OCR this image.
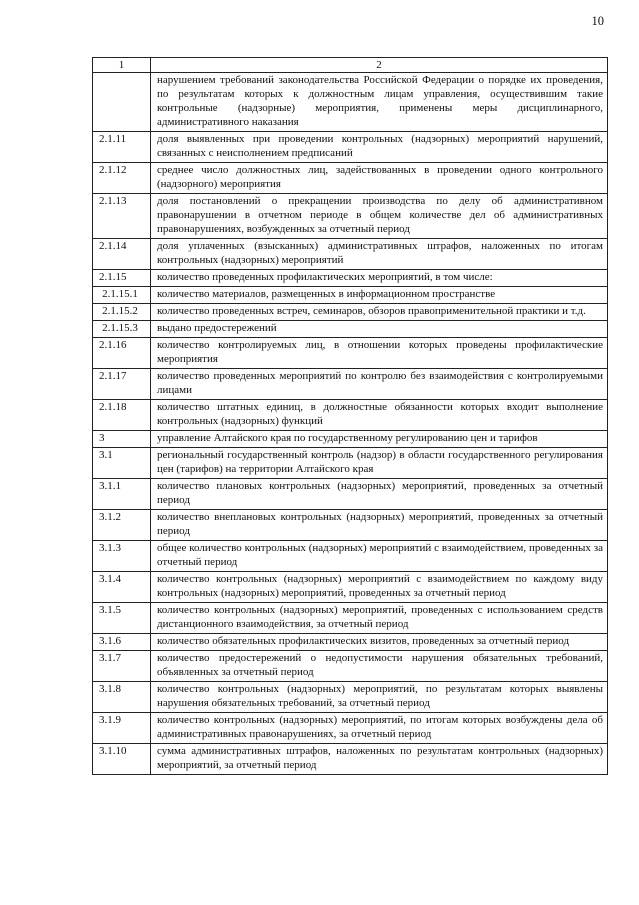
10
1	2
	нарушением требований законодательства Российской Федерации о порядке их проведения, по результатам которых к должностным лицам управления, осуществившим такие контрольные (надзорные) мероприятия, применены меры дисциплинарного, административного наказания
2.1.11	доля выявленных при проведении контрольных (надзорных) мероприятий нарушений, связанных с неисполнением предписаний
2.1.12	среднее число должностных лиц, задействованных в проведении одного контрольного (надзорного) мероприятия
2.1.13	доля постановлений о прекращении производства по делу об административном правонарушении в отчетном периоде в общем количестве дел об административных правонарушениях, возбужденных за отчетный период
2.1.14	доля уплаченных (взысканных) административных штрафов, наложенных по итогам контрольных (надзорных) мероприятий
2.1.15	количество проведенных профилактических мероприятий, в том числе:
2.1.15.1	количество материалов, размещенных в информационном пространстве
2.1.15.2	количество проведенных встреч, семинаров, обзоров правоприменительной практики и т.д.
2.1.15.3	выдано предостережений
2.1.16	количество контролируемых лиц, в отношении которых проведены профилактические мероприятия
2.1.17	количество проведенных мероприятий по контролю без взаимодействия с контролируемыми лицами
2.1.18	количество штатных единиц, в должностные обязанности которых входит выполнение контрольных (надзорных) функций
3	управление Алтайского края по государственному регулированию цен и тарифов
3.1	региональный государственный контроль (надзор) в области государственного регулирования цен (тарифов) на территории Алтайского края
3.1.1	количество плановых контрольных (надзорных) мероприятий, проведенных за отчетный период
3.1.2	количество внеплановых контрольных (надзорных) мероприятий, проведенных за отчетный период
3.1.3	общее количество контрольных (надзорных) мероприятий с взаимодействием, проведенных за отчетный период
3.1.4	количество контрольных (надзорных) мероприятий с взаимодействием по каждому виду контрольных (надзорных) мероприятий, проведенных за отчетный период
3.1.5	количество контрольных (надзорных) мероприятий, проведенных с использованием средств дистанционного взаимодействия, за отчетный период
3.1.6	количество обязательных профилактических визитов, проведенных за отчетный период
3.1.7	количество предостережений о недопустимости нарушения обязательных требований, объявленных за отчетный период
3.1.8	количество контрольных (надзорных) мероприятий, по результатам которых выявлены нарушения обязательных требований, за отчетный период
3.1.9	количество контрольных (надзорных) мероприятий, по итогам которых возбуждены дела об административных правонарушениях, за отчетный период
3.1.10	сумма административных штрафов, наложенных по результатам контрольных (надзорных) мероприятий, за отчетный период
